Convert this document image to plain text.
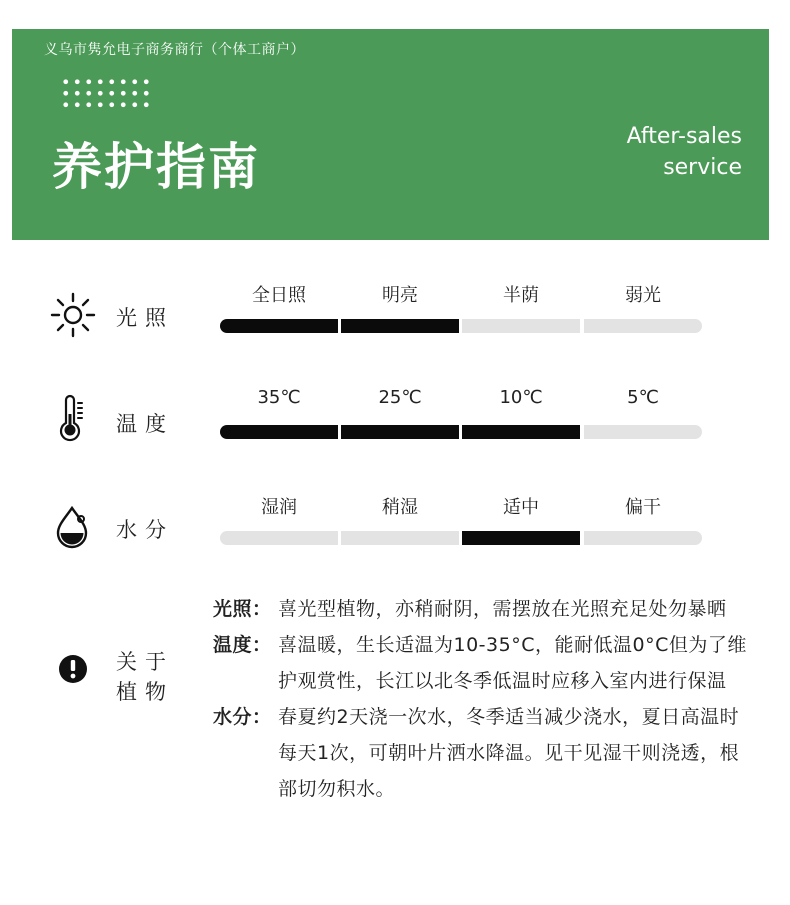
义乌市隽允电子商务商行（个体工商户）
养护指南
After-sales
service
光照
全日照	明亮	半荫	弱光
温度
35℃	25℃	10℃	5℃
水分
湿润	稍湿	适中	偏干
关于
植物
光照： 喜光型植物，亦稍耐阴，需摆放在光照充足处勿暴晒
温度： 喜温暖，生长适温为10-35°C，能耐低温0°C但为了维护观赏性，长江以北冬季低温时应移入室内进行保温
水分： 春夏约2天浇一次水，冬季适当减少浇水，夏日高温时每天1次，可朝叶片洒水降温。见干见湿干则浇透，根部切勿积水。
